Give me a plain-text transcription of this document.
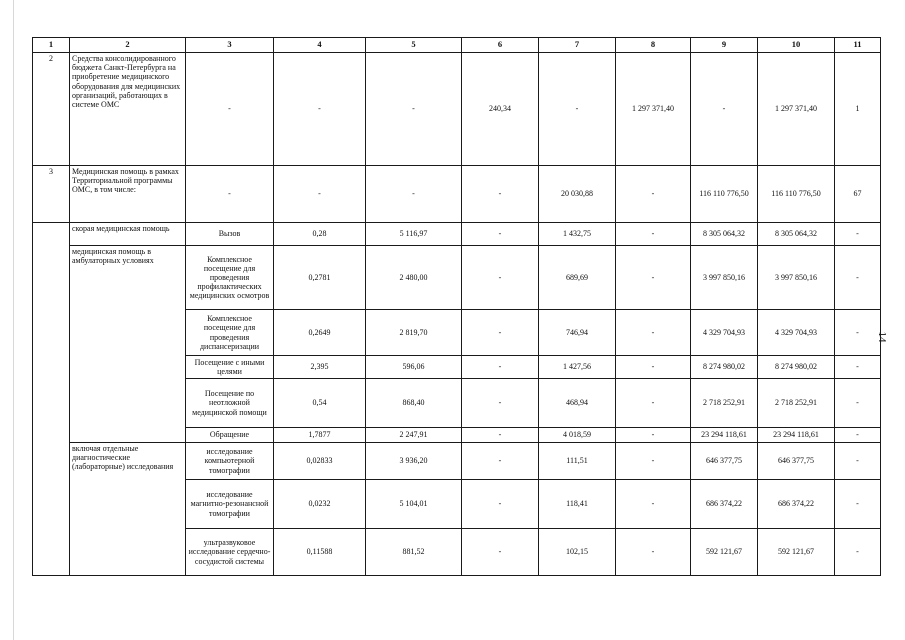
14
1	2	3	4	5	6	7	8	9	10	11
2	Средства консолидированного бюджета Санкт-Петербурга на приобретение медицинского оборудования для медицинских организаций, работающих в системе ОМС	-	-	-	240,34	-	1 297 371,40	-	1 297 371,40	1
3	Медицинская помощь в рамках Территориальной программы ОМС, в том числе:	-	-	-	-	20 030,88	-	116 110 776,50	116 110 776,50	67
	скорая медицинская помощь	Вызов	0,28	5 116,97	-	1 432,75	-	8 305 064,32	8 305 064,32	-
	медицинская помощь в амбулаторных условиях	Комплексное посещение для проведения профилактических медицинских осмотров	0,2781	2 480,00	-	689,69	-	3 997 850,16	3 997 850,16	-
		Комплексное посещение для проведения диспансеризации	0,2649	2 819,70	-	746,94	-	4 329 704,93	4 329 704,93	-
		Посещение с иными целями	2,395	596,06	-	1 427,56	-	8 274 980,02	8 274 980,02	-
		Посещение по неотложной медицинской помощи	0,54	868,40	-	468,94	-	2 718 252,91	2 718 252,91	-
		Обращение	1,7877	2 247,91	-	4 018,59	-	23 294 118,61	23 294 118,61	-
	включая отдельные диагностические (лабораторные) исследования	исследование компьютерной томографии	0,02833	3 936,20	-	111,51	-	646 377,75	646 377,75	-
		исследование магнитно-резонансной томографии	0,0232	5 104,01	-	118,41	-	686 374,22	686 374,22	-
		ультразвуковое исследование сердечно-сосудистой системы	0,11588	881,52	-	102,15	-	592 121,67	592 121,67	-
